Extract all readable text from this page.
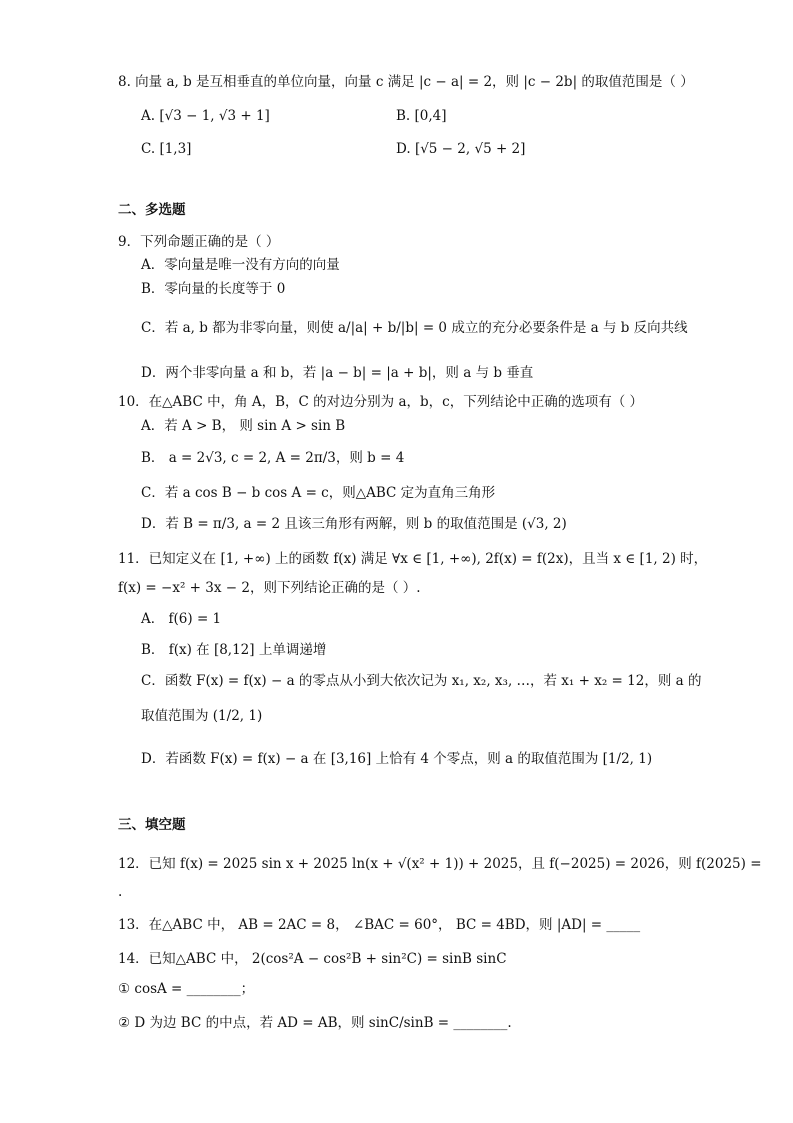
8. 向量 a, b 是互相垂直的单位向量，向量 c 满足 |c − a| = 2，则 |c − 2b| 的取值范围是（ ）
A. [√3 − 1, √3 + 1]	B. [0,4]
C. [1,3]	D. [√5 − 2, √5 + 2]
二、多选题
9．下列命题正确的是（ ）
A．零向量是唯一没有方向的向量
B．零向量的长度等于 0
C．若 a, b 都为非零向量，则使 a/|a| + b/|b| = 0 成立的充分必要条件是 a 与 b 反向共线
D．两个非零向量 a 和 b，若 |a − b| = |a + b|，则 a 与 b 垂直
10．在△ABC 中，角 A，B，C 的对边分别为 a，b，c，下列结论中正确的选项有（ ）
A．若 A > B， 则 sin A > sin B
B． a = 2√3, c = 2, A = 2π/3，则 b = 4
C．若 a cos B − b cos A = c，则△ABC 定为直角三角形
D．若 B = π/3, a = 2 且该三角形有两解，则 b 的取值范围是 (√3, 2)
11．已知定义在 [1, +∞) 上的函数 f(x) 满足 ∀x ∈ [1, +∞), 2f(x) = f(2x)，且当 x ∈ [1, 2) 时，
f(x) = −x² + 3x − 2，则下列结论正确的是（ ）.
A． f(6) = 1
B． f(x) 在 [8,12] 上单调递增
C．函数 F(x) = f(x) − a 的零点从小到大依次记为 x₁, x₂, x₃, …，若 x₁ + x₂ = 12，则 a 的
取值范围为 (1/2, 1)
D．若函数 F(x) = f(x) − a 在 [3,16] 上恰有 4 个零点，则 a 的取值范围为 [1/2, 1)
三、填空题
12．已知 f(x) = 2025 sin x + 2025 ln(x + √(x² + 1)) + 2025，且 f(−2025) = 2026，则 f(2025) =
.
13．在△ABC 中， AB = 2AC = 8， ∠BAC = 60°， BC = 4BD，则 |AD| = _____
14．已知△ABC 中， 2(cos²A − cos²B + sin²C) = sinB sinC
① cosA = ________；
② D 为边 BC 的中点，若 AD = AB，则 sinC/sinB = ________.
